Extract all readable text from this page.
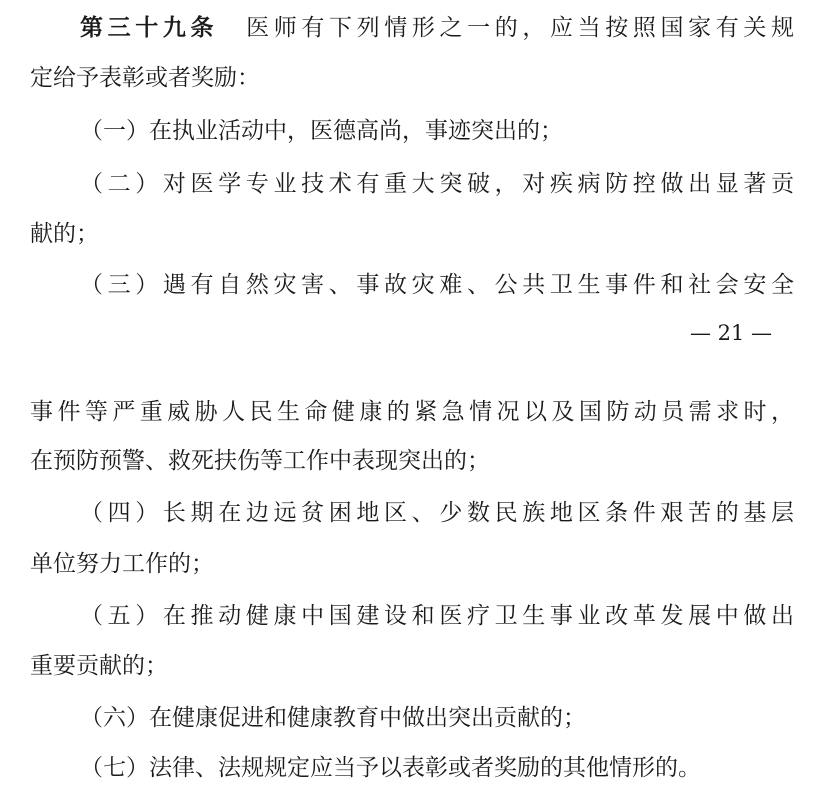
第三十九条 医师有下列情形之一的，应当按照国家有关规
定给予表彰或者奖励：
（一）在执业活动中，医德高尚，事迹突出的；
（二）对医学专业技术有重大突破，对疾病防控做出显著贡
献的；
（三）遇有自然灾害、事故灾难、公共卫生事件和社会安全
— 21 —
事件等严重威胁人民生命健康的紧急情况以及国防动员需求时，
在预防预警、救死扶伤等工作中表现突出的；
（四）长期在边远贫困地区、少数民族地区条件艰苦的基层
单位努力工作的；
（五）在推动健康中国建设和医疗卫生事业改革发展中做出
重要贡献的；
（六）在健康促进和健康教育中做出突出贡献的；
（七）法律、法规规定应当予以表彰或者奖励的其他情形的。
